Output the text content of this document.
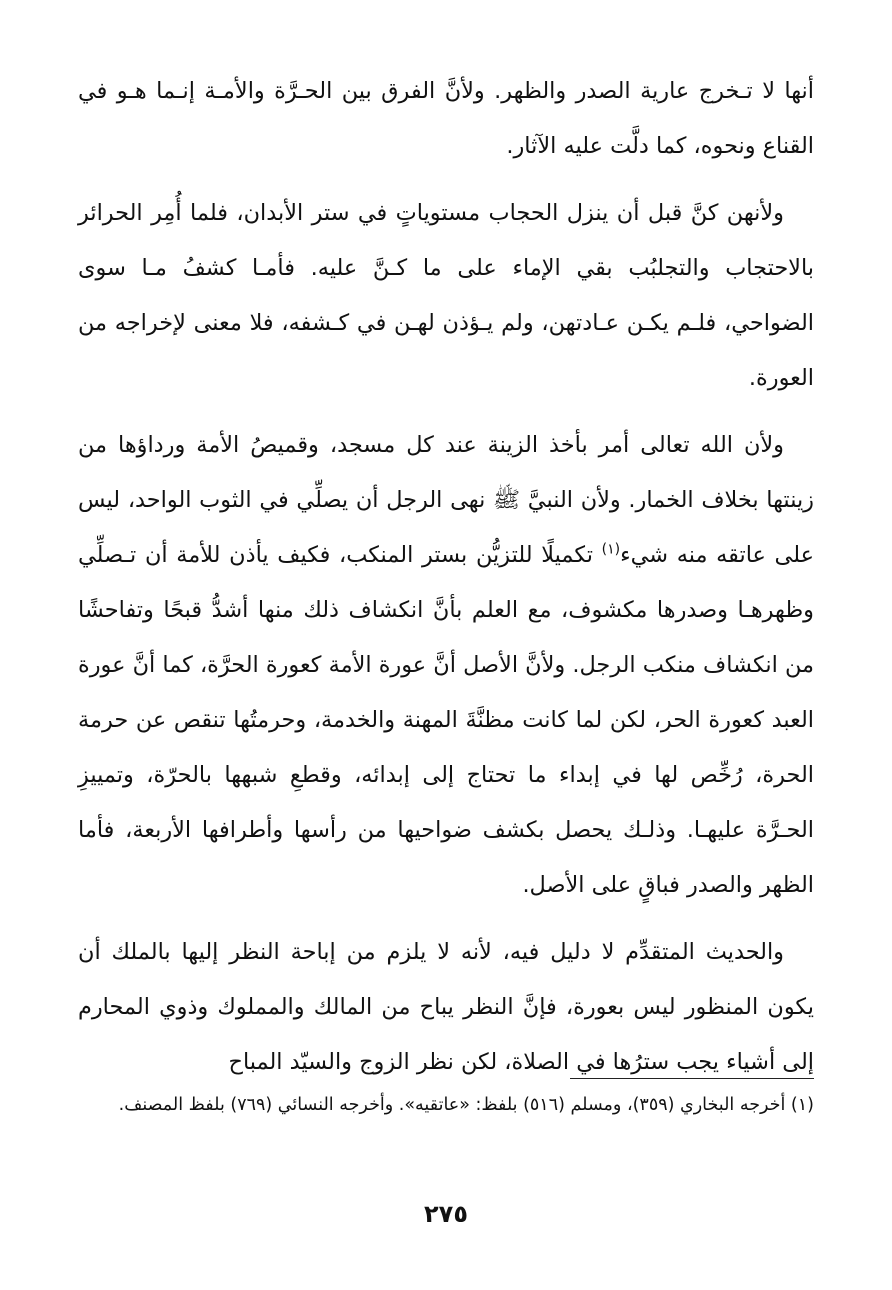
أنها لا تـخرج عارية الصدر والظهر. ولأنَّ الفرق بين الحـرَّة والأمـة إنـما هـو في القناع ونحوه، كما دلَّت عليه الآثار.

ولأنهن كنَّ قبل أن ينزل الحجاب مستوياتٍ في ستر الأبدان، فلما أُمِر الحرائر بالاحتجاب والتجلبُب بقي الإماء على ما كـنَّ عليه. فأمـا كشفُ مـا سوى الضواحي، فلـم يكـن عـادتهن، ولم يـؤذن لهـن في كـشفه، فلا معنى لإخراجه من العورة.

ولأن الله تعالى أمر بأخذ الزينة عند كل مسجد، وقميصُ الأمة ورداؤها من زينتها بخلاف الخمار. ولأن النبيَّ ﷺ نهى الرجل أن يصلِّي في الثوب الواحد، ليس على عاتقه منه شيء$^{(١)}$ تكميلًا للتزيُّن بستر المنكب، فكيف يأذن للأمة أن تـصلِّي وظهرهـا وصدرها مكشوف، مع العلم بأنَّ انكشاف ذلك منها أشدُّ قبحًا وتفاحشًا من انكشاف منكب الرجل. ولأنَّ الأصل أنَّ عورة الأمة كعورة الحرَّة، كما أنَّ عورة العبد كعورة الحر، لكن لما كانت مظنَّةَ المهنة والخدمة، وحرمتُها تنقص عن حرمة الحرة، رُخِّص لها في إبداء ما تحتاج إلى إبدائه، وقطعِ شبهها بالحرّة، وتمييزِ الحـرَّة عليهـا. وذلـك يحصل بكشف ضواحيها من رأسها وأطرافها الأربعة، فأما الظهر والصدر فباقٍ على الأصل.

والحديث المتقدِّم لا دليل فيه، لأنه لا يلزم من إباحة النظر إليها بالملك أن يكون المنظور ليس بعورة، فإنَّ النظر يباح من المالك والمملوك وذوي المحارم إلى أشياء يجب سترُها في الصلاة، لكن نظر الزوج والسيّد المباح

(١) أخرجه البخاري (٣٥٩)، ومسلم (٥١٦) بلفظ: «عاتقيه». وأخرجه النسائي (٧٦٩) بلفظ المصنف.
٢٧٥
